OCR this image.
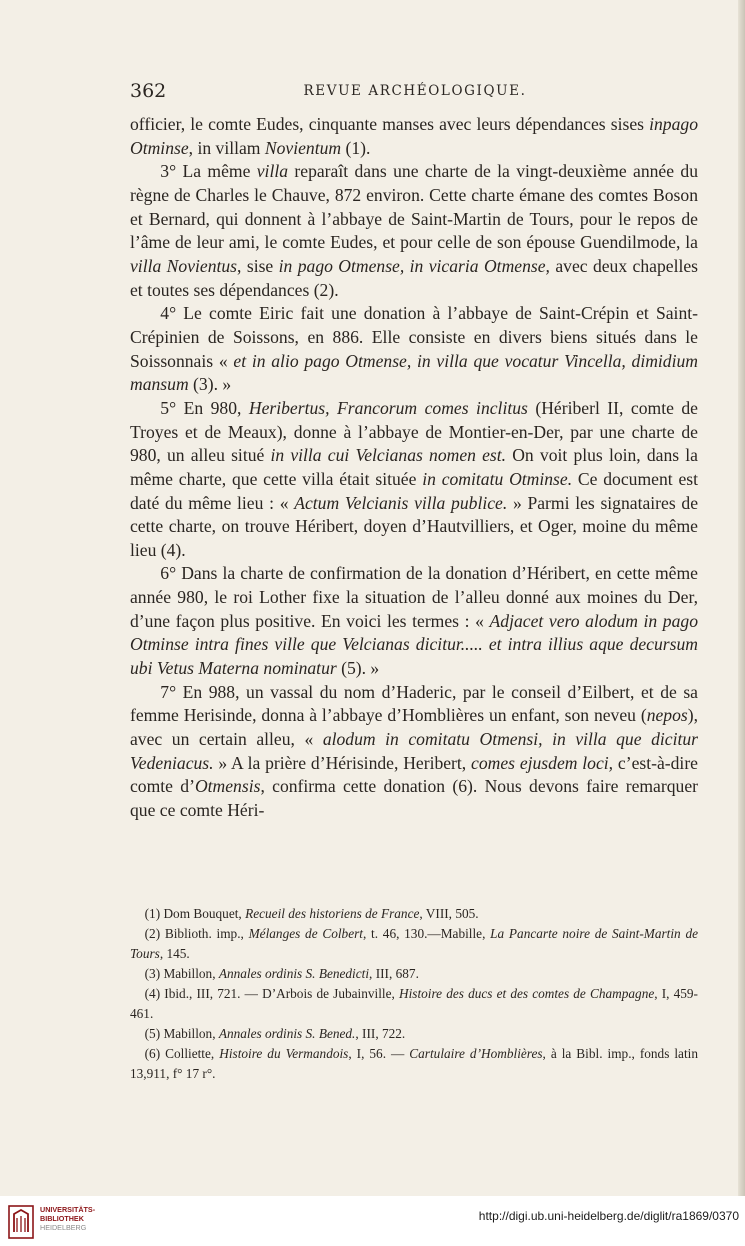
362	REVUE ARCHÉOLOGIQUE.

officier, le comte Eudes, cinquante manses avec leurs dépendances sises inpago Otminse, in villam Novientum (1).

3° La même villa reparaît dans une charte de la vingt-deuxième année du règne de Charles le Chauve, 872 environ. Cette charte émane des comtes Boson et Bernard, qui donnent à l’abbaye de Saint-Martin de Tours, pour le repos de l’âme de leur ami, le comte Eudes, et pour celle de son épouse Guendilmode, la villa Novientus, sise in pago Otmense, in vicaria Otmense, avec deux chapelles et toutes ses dépendances (2).

4° Le comte Eiric fait une donation à l’abbaye de Saint-Crépin et Saint-Crépinien de Soissons, en 886. Elle consiste en divers biens situés dans le Soissonnais « et in alio pago Otmense, in villa que vocatur Vincella, dimidium mansum (3). »

5° En 980, Heribertus, Francorum comes inclitus (Hériberl II, comte de Troyes et de Meaux), donne à l’abbaye de Montier-en-Der, par une charte de 980, un alleu situé in villa cui Velcianas nomen est. On voit plus loin, dans la même charte, que cette villa était située in comitatu Otminse. Ce document est daté du même lieu : « Actum Velcianis villa publice. » Parmi les signataires de cette charte, on trouve Héribert, doyen d’Hautvilliers, et Oger, moine du même lieu (4).

6° Dans la charte de confirmation de la donation d’Héribert, en cette même année 980, le roi Lother fixe la situation de l’alleu donné aux moines du Der, d’une façon plus positive. En voici les termes : « Adjacet vero alodum in pago Otminse intra fines ville que Velcianas dicitur..... et intra illius aque decursum ubi Vetus Materna nominatur (5). »

7° En 988, un vassal du nom d’Haderic, par le conseil d’Eilbert, et de sa femme Herisinde, donna à l’abbaye d’Homblières un enfant, son neveu (nepos), avec un certain alleu, « alodum in comitatu Otmensi, in villa que dicitur Vedeniacus. » A la prière d’Hérisinde, Heribert, comes ejusdem loci, c’est-à-dire comte d’Otmensis, confirma cette donation (6). Nous devons faire remarquer que ce comte Héri-

(1) Dom Bouquet, Recueil des historiens de France, VIII, 505.

(2) Biblioth. imp., Mélanges de Colbert, t. 46, 130.—Mabille, La Pancarte noire de Saint-Martin de Tours, 145.

(3) Mabillon, Annales ordinis S. Benedicti, III, 687.

(4) Ibid., III, 721. — D’Arbois de Jubainville, Histoire des ducs et des comtes de Champagne, I, 459-461.

(5) Mabillon, Annales ordinis S. Bened., III, 722.

(6) Colliette, Histoire du Vermandois, I, 56. — Cartulaire d’Homblières, à la Bibl. imp., fonds latin 13,911, f° 17 r°.

UNIVERSITÄTS-
BIBLIOTHEK
HEIDELBERG
http://digi.ub.uni-heidelberg.de/diglit/ra1869/0370
